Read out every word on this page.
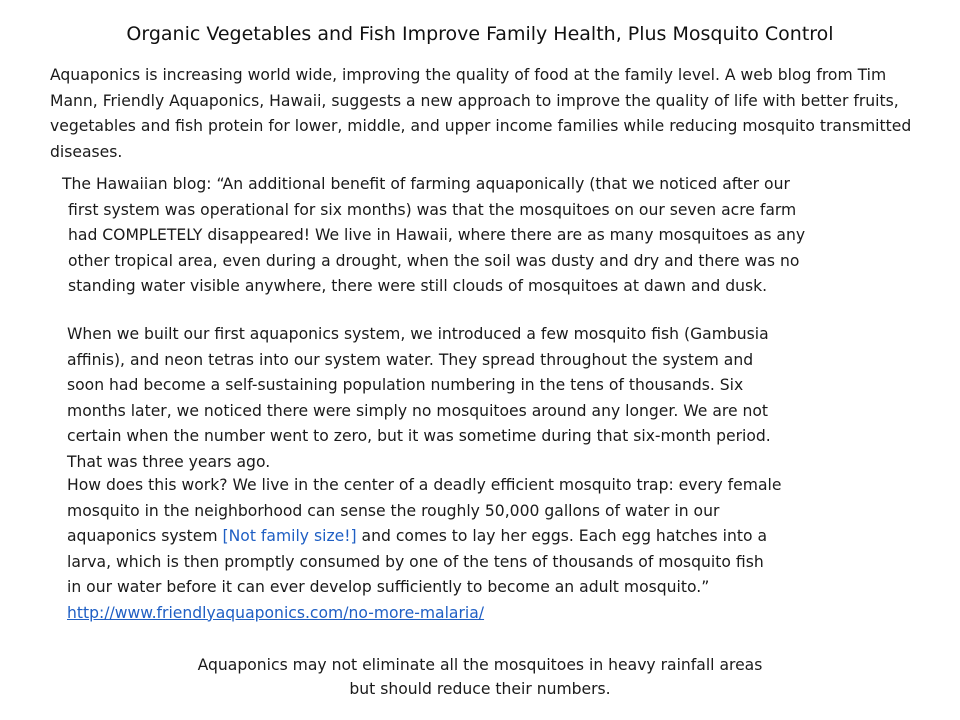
Organic Vegetables and Fish Improve Family Health, Plus Mosquito Control

Aquaponics is increasing world wide, improving the quality of food at the family level. A web blog from Tim Mann, Friendly Aquaponics, Hawaii, suggests a new approach to improve the quality of life with better fruits, vegetables and fish protein for lower, middle, and upper income families while reducing mosquito transmitted diseases.

The Hawaiian blog: “An additional benefit of farming aquaponically (that we noticed after our first system was operational for six months) was that the mosquitoes on our seven acre farm had COMPLETELY disappeared! We live in Hawaii, where there are as many mosquitoes as any other tropical area, even during a drought, when the soil was dusty and dry and there was no standing water visible anywhere, there were still clouds of mosquitoes at dawn and dusk.

When we built our first aquaponics system, we introduced a few mosquito fish (Gambusia affinis), and neon tetras into our system water. They spread throughout the system and soon had become a self-sustaining population numbering in the tens of thousands. Six months later, we noticed there were simply no mosquitoes around any longer. We are not certain when the number went to zero, but it was sometime during that six-month period. That was three years ago.

How does this work? We live in the center of a deadly efficient mosquito trap: every female mosquito in the neighborhood can sense the roughly 50,000 gallons of water in our aquaponics system [Not family size!] and comes to lay her eggs. Each egg hatches into a larva, which is then promptly consumed by one of the tens of thousands of mosquito fish in our water before it can ever develop sufficiently to become an adult mosquito.” http://www.friendlyaquaponics.com/no-more-malaria/

Aquaponics may not eliminate all the mosquitoes in heavy rainfall areas
but should reduce their numbers.
